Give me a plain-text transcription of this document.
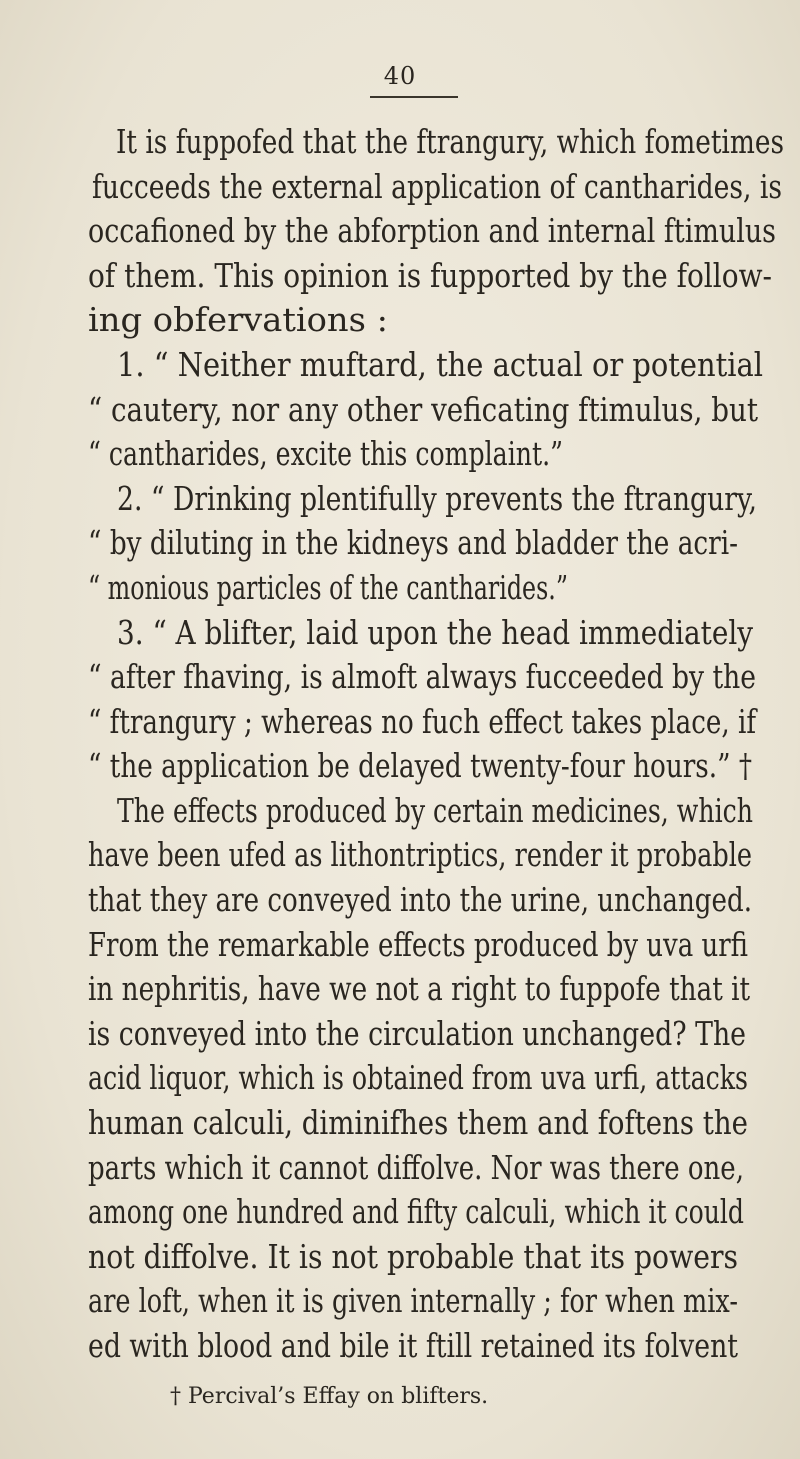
40
It is fuppofed that the ftrangury, which fometimes
fucceeds the external application of cantharides, is
occafioned by the abforption and internal ftimulus
of them. This opinion is fupported by the follow-
ing obfervations :
1. “ Neither muftard, the actual or potential
“ cautery, nor any other veficating ftimulus, but
“ cantharides, excite this complaint.”
2. “ Drinking plentifully prevents the ftrangury,
“ by diluting in the kidneys and bladder the acri-
“ monious particles of the cantharides.”
3. “ A blifter, laid upon the head immediately
“ after fhaving, is almoft always fucceeded by the
“ ftrangury ; whereas no fuch effect takes place, if
“ the application be delayed twenty-four hours.” †
The effects produced by certain medicines, which
have been ufed as lithontriptics, render it probable
that they are conveyed into the urine, unchanged.
From the remarkable effects produced by uva urfi
in nephritis, have we not a right to fuppofe that it
is conveyed into the circulation unchanged? The
acid liquor, which is obtained from uva urfi, attacks
human calculi, diminifhes them and foftens the
parts which it cannot diffolve. Nor was there one,
among one hundred and fifty calculi, which it could
not diffolve. It is not probable that its powers
are loft, when it is given internally ; for when mix-
ed with blood and bile it ftill retained its folvent
† Percival’s Effay on blifters.
